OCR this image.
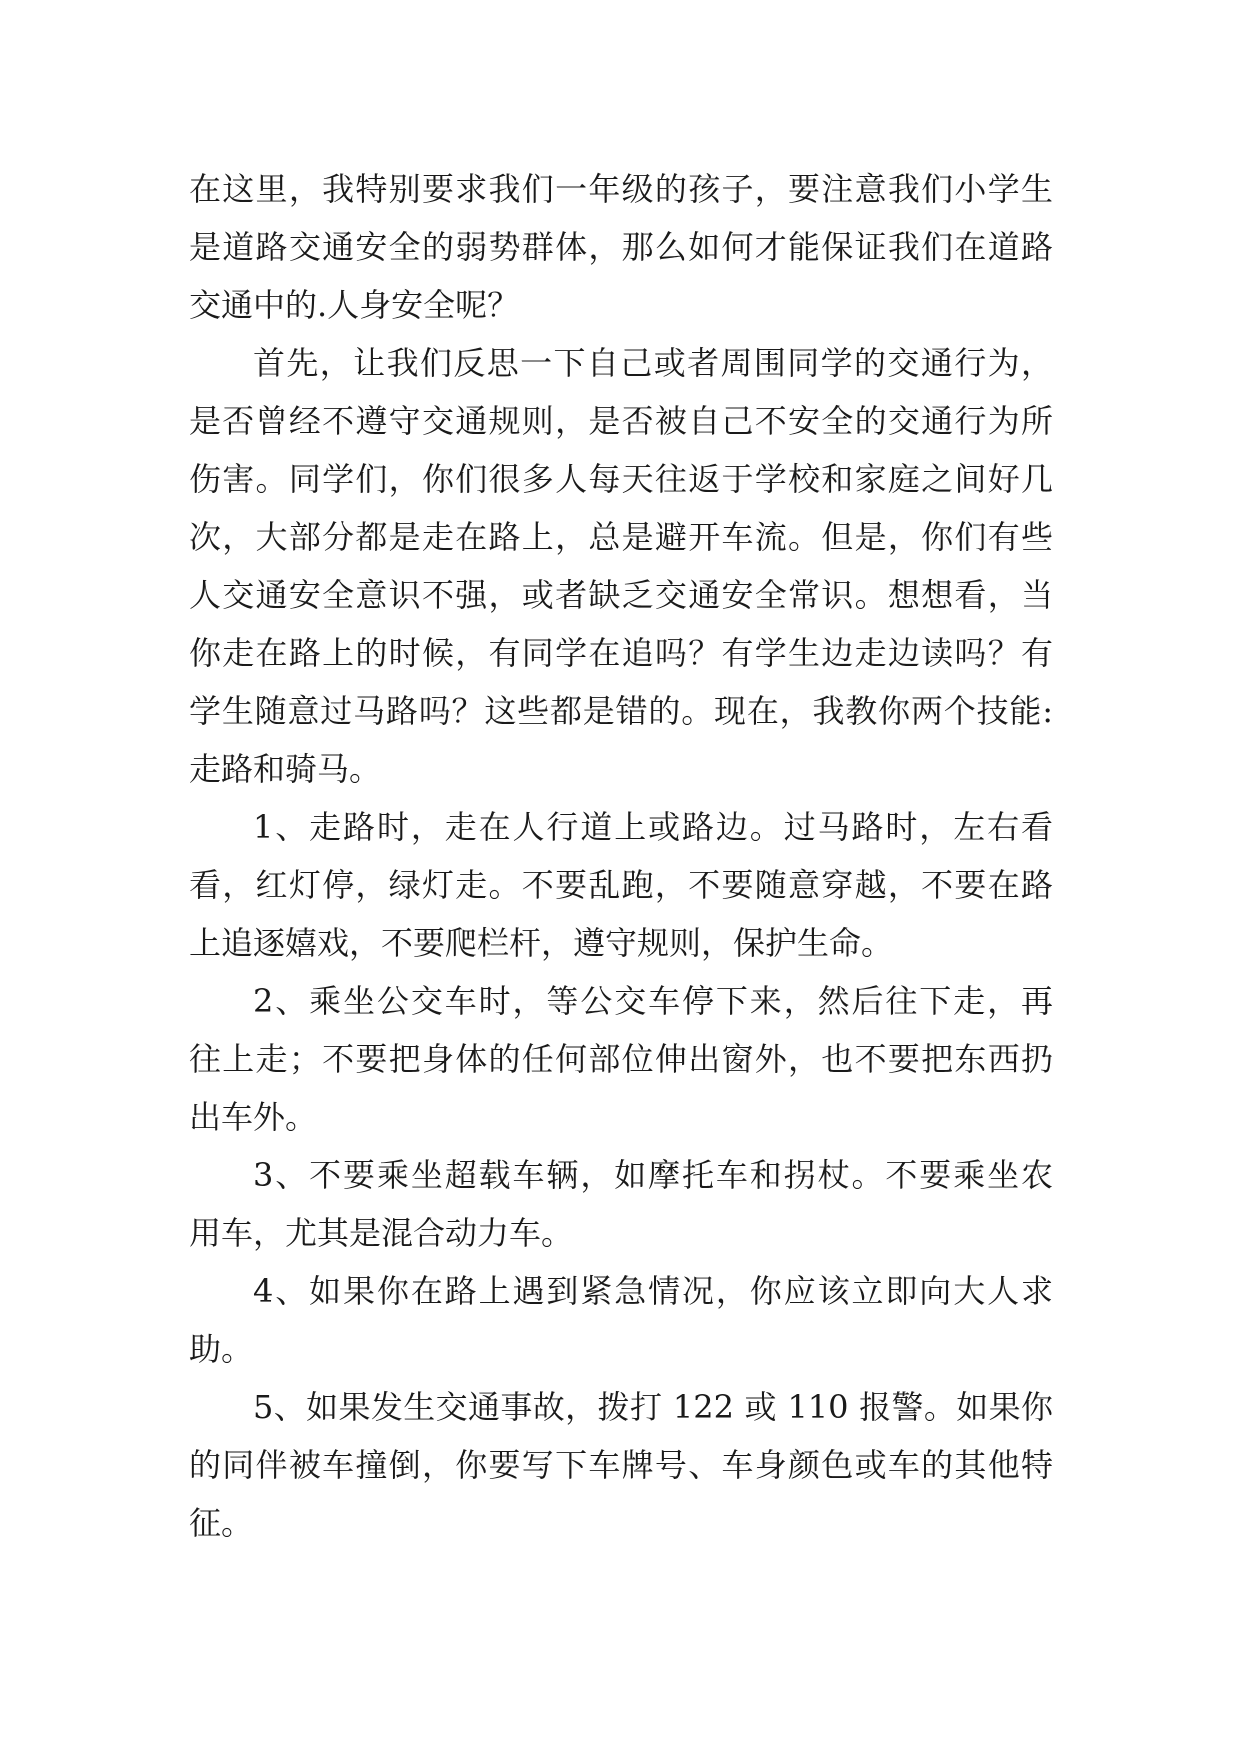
在这里，我特别要求我们一年级的孩子，要注意我们小学生
是道路交通安全的弱势群体，那么如何才能保证我们在道路
交通中的.人身安全呢？
首先，让我们反思一下自己或者周围同学的交通行为，
是否曾经不遵守交通规则，是否被自己不安全的交通行为所
伤害。同学们，你们很多人每天往返于学校和家庭之间好几
次，大部分都是走在路上，总是避开车流。但是，你们有些
人交通安全意识不强，或者缺乏交通安全常识。想想看，当
你走在路上的时候，有同学在追吗？有学生边走边读吗？有
学生随意过马路吗？这些都是错的。现在，我教你两个技能:
走路和骑马。
1、走路时，走在人行道上或路边。过马路时，左右看
看，红灯停，绿灯走。不要乱跑，不要随意穿越，不要在路
上追逐嬉戏，不要爬栏杆，遵守规则，保护生命。
2、乘坐公交车时，等公交车停下来，然后往下走，再
往上走；不要把身体的任何部位伸出窗外，也不要把东西扔
出车外。
3、不要乘坐超载车辆，如摩托车和拐杖。不要乘坐农
用车，尤其是混合动力车。
4、如果你在路上遇到紧急情况，你应该立即向大人求
助。
5、如果发生交通事故，拨打 122 或 110 报警。如果你
的同伴被车撞倒，你要写下车牌号、车身颜色或车的其他特
征。
